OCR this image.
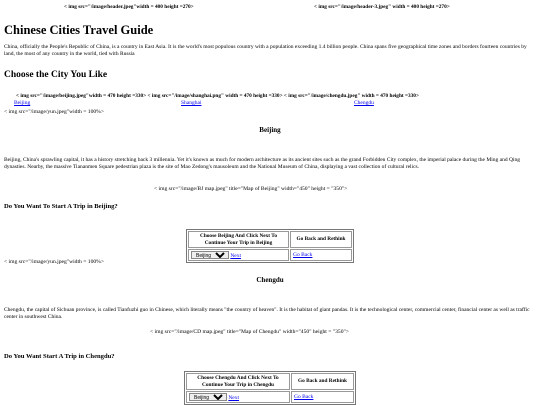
< img src="/image/header.jpeg"width = 400 height =270>	< img src="/image/header-3.jpeg" width = 400 height =270>
Chinese Cities Travel Guide
China, officially the People's Republic of China, is a country in East Asia. It is the world's most populous country with a population exceeding 1.4 billion people. China spans five geographical time zones and borders fourteen countries by land, the most of any country in the world, tied with Russia
Choose the City You Like
< img src="/image/beijing.jpeg"width = 470 height =330> < img src="/image/shanghai.png" width = 470 height =330> < img src="/image/chengdu.jpeg" width = 470 height =330>
Beijing	Shanghai	Chengdu
< img src="/image/yun.jpeg"width = 100%>
Beijing
Beijing, China's sprawling capital, it has a history stretching back 3 millennia. Yet it's known as much for modern architecture as its ancient sites such as the grand Forbidden City complex, the imperial palace during the Ming and Qing dynasties. Nearby, the massive Tiananmen Square pedestrian plaza is the site of Mao Zedong's mausoleum and the National Museum of China, displaying a vast collection of cultural relics.
< img src="/image/BJ map.jpeg" title="Map of Beijing" width="450" height = "350">
Do You Want To Start A Trip in Beijing?
Choose Beijing And Click Next To Continue Your Trip in Beijing	Go Back and Rethink

Beijing Next	Go Back
< img src="/image/yun.jpeg"width = 100%>
Chengdu
Chengdu, the capital of Sichuan province, is called Tianfuzhi guo in Chinese, which literally means "the country of heaven". It is the habitat of giant pandas. It is the technological center, commercial center, financial center as well as traffic center in southwest China.
< img src="/image/CD map.jpeg" title="Map of Chengdu" width="450" height = "350">
Do You Want Start A Trip in Chengdu?
Choose Chengdu And Click Next To Continue Your Trip in Chengdu	Go Back and Rethink

Beijing Next	Go Back
